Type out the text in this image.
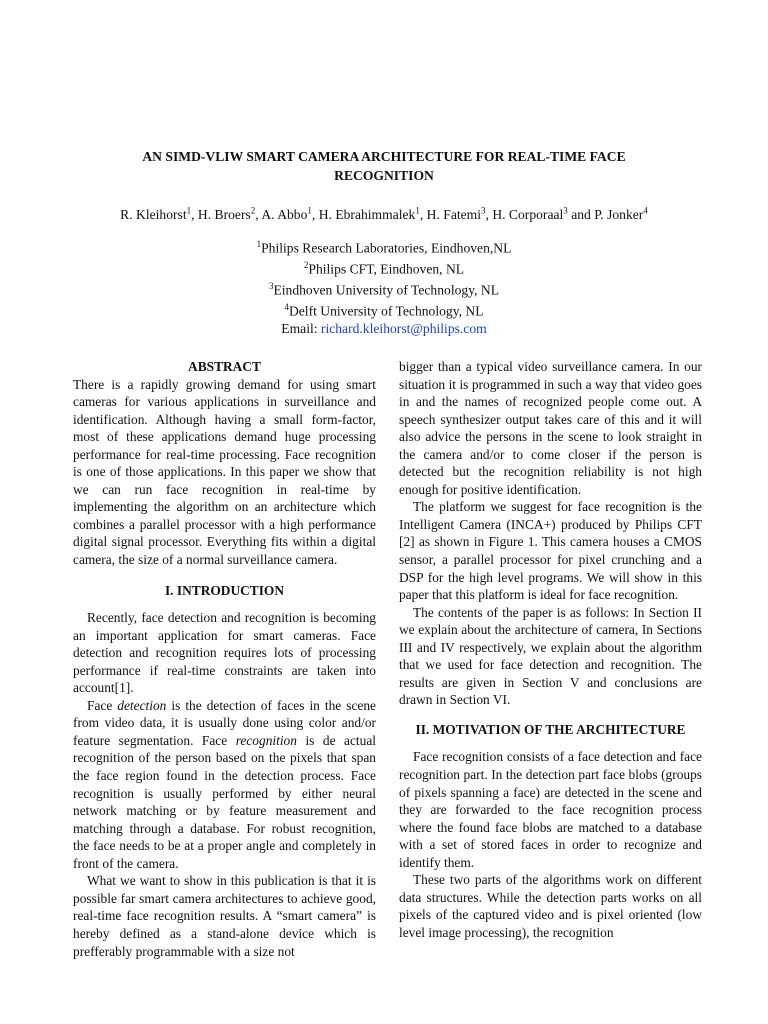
AN SIMD-VLIW SMART CAMERA ARCHITECTURE FOR REAL-TIME FACE
RECOGNITION
R. Kleihorst$^1$, H. Broers$^2$, A. Abbo$^1$, H. Ebrahimmalek$^1$, H. Fatemi$^3$, H. Corporaal$^3$ and P. Jonker$^4$
$^1$Philips Research Laboratories, Eindhoven,NL
$^2$Philips CFT, Eindhoven, NL
$^3$Eindhoven University of Technology, NL
$^4$Delft University of Technology, NL
Email: richard.kleihorst@philips.com
ABSTRACT

There is a rapidly growing demand for using smart cameras for various applications in surveillance and identification. Although having a small form-factor, most of these applications demand huge processing performance for real-time processing. Face recognition is one of those applications. In this paper we show that we can run face recognition in real-time by implementing the algorithm on an architecture which combines a parallel processor with a high performance digital signal processor. Everything fits within a digital camera, the size of a normal surveillance camera.

I. INTRODUCTION

Recently, face detection and recognition is becoming an important application for smart cameras. Face detection and recognition requires lots of processing performance if real-time constraints are taken into account[1].

Face detection is the detection of faces in the scene from video data, it is usually done using color and/or feature segmentation. Face recognition is de actual recognition of the person based on the pixels that span the face region found in the detection process. Face recognition is usually performed by either neural network matching or by feature measurement and matching through a database. For robust recognition, the face needs to be at a proper angle and completely in front of the camera.

What we want to show in this publication is that it is possible far smart camera architectures to achieve good, real-time face recognition results. A “smart camera” is hereby defined as a stand-alone device which is prefferably programmable with a size not

bigger than a typical video surveillance camera. In our situation it is programmed in such a way that video goes in and the names of recognized people come out. A speech synthesizer output takes care of this and it will also advice the persons in the scene to look straight in the camera and/or to come closer if the person is detected but the recognition reliability is not high enough for positive identification.

The platform we suggest for face recognition is the Intelligent Camera (INCA+) produced by Philips CFT [2] as shown in Figure 1. This camera houses a CMOS sensor, a parallel processor for pixel crunching and a DSP for the high level programs. We will show in this paper that this platform is ideal for face recognition.

The contents of the paper is as follows: In Section II we explain about the architecture of camera, In Sections III and IV respectively, we explain about the algorithm that we used for face detection and recognition. The results are given in Section V and conclusions are drawn in Section VI.

II. MOTIVATION OF THE ARCHITECTURE

Face recognition consists of a face detection and face recognition part. In the detection part face blobs (groups of pixels spanning a face) are detected in the scene and they are forwarded to the face recognition process where the found face blobs are matched to a database with a set of stored faces in order to recognize and identify them.

These two parts of the algorithms work on different data structures. While the detection parts works on all pixels of the captured video and is pixel oriented (low level image processing), the recognition
